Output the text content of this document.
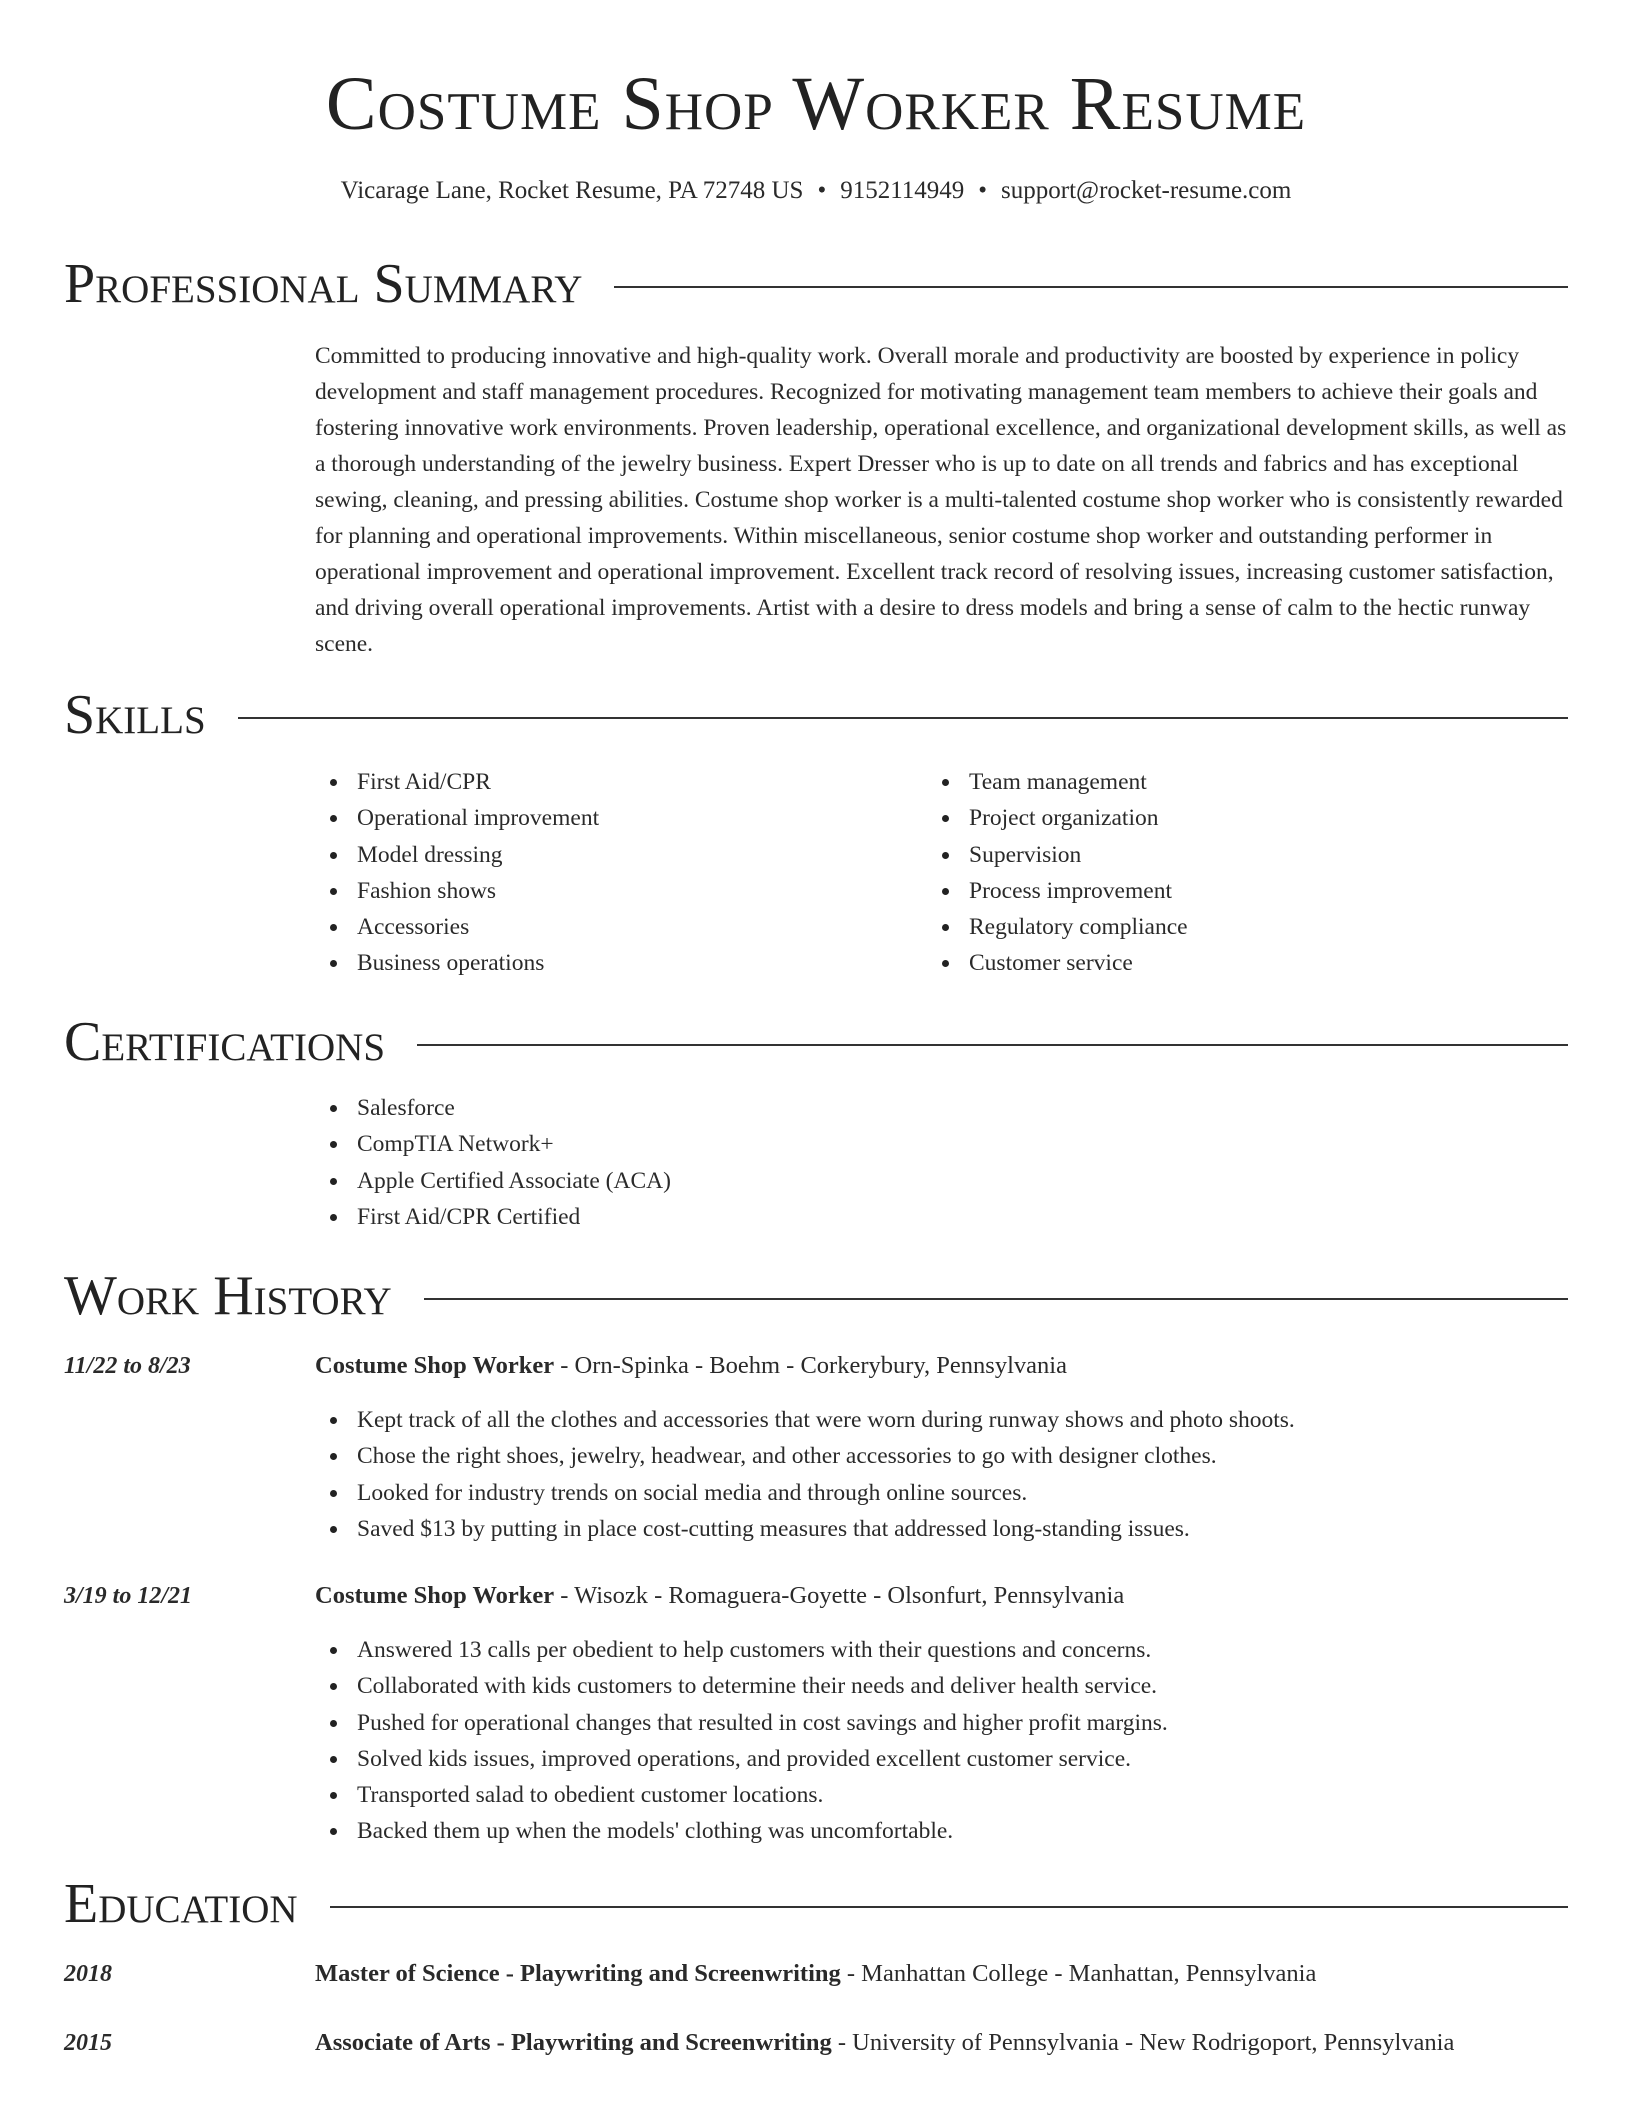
Costume Shop Worker Resume
Vicarage Lane, Rocket Resume, PA 72748 US • 9152114949 • support@rocket-resume.com
Professional Summary

Committed to producing innovative and high-quality work. Overall morale and productivity are boosted by experience in policy development and staff management procedures. Recognized for motivating management team members to achieve their goals and fostering innovative work environments. Proven leadership, operational excellence, and organizational development skills, as well as a thorough understanding of the jewelry business. Expert Dresser who is up to date on all trends and fabrics and has exceptional sewing, cleaning, and pressing abilities. Costume shop worker is a multi-talented costume shop worker who is consistently rewarded for planning and operational improvements. Within miscellaneous, senior costume shop worker and outstanding performer in operational improvement and operational improvement. Excellent track record of resolving issues, increasing customer satisfaction, and driving overall operational improvements. Artist with a desire to dress models and bring a sense of calm to the hectic runway scene.

Skills
First Aid/CPR
Operational improvement
Model dressing
Fashion shows
Accessories
Business operations
Team management
Project organization
Supervision
Process improvement
Regulatory compliance
Customer service
Certifications
Salesforce
CompTIA Network+
Apple Certified Associate (ACA)
First Aid/CPR Certified
Work History
11/22 to 8/23	Costume Shop Worker - Orn-Spinka - Boehm - Corkerybury, Pennsylvania
Kept track of all the clothes and accessories that were worn during runway shows and photo shoots.
Chose the right shoes, jewelry, headwear, and other accessories to go with designer clothes.
Looked for industry trends on social media and through online sources.
Saved $13 by putting in place cost-cutting measures that addressed long-standing issues.
3/19 to 12/21	Costume Shop Worker - Wisozk - Romaguera-Goyette - Olsonfurt, Pennsylvania
Answered 13 calls per obedient to help customers with their questions and concerns.
Collaborated with kids customers to determine their needs and deliver health service.
Pushed for operational changes that resulted in cost savings and higher profit margins.
Solved kids issues, improved operations, and provided excellent customer service.
Transported salad to obedient customer locations.
Backed them up when the models' clothing was uncomfortable.
Education
2018	Master of Science - Playwriting and Screenwriting - Manhattan College - Manhattan, Pennsylvania
2015	Associate of Arts - Playwriting and Screenwriting - University of Pennsylvania - New Rodrigoport, Pennsylvania
